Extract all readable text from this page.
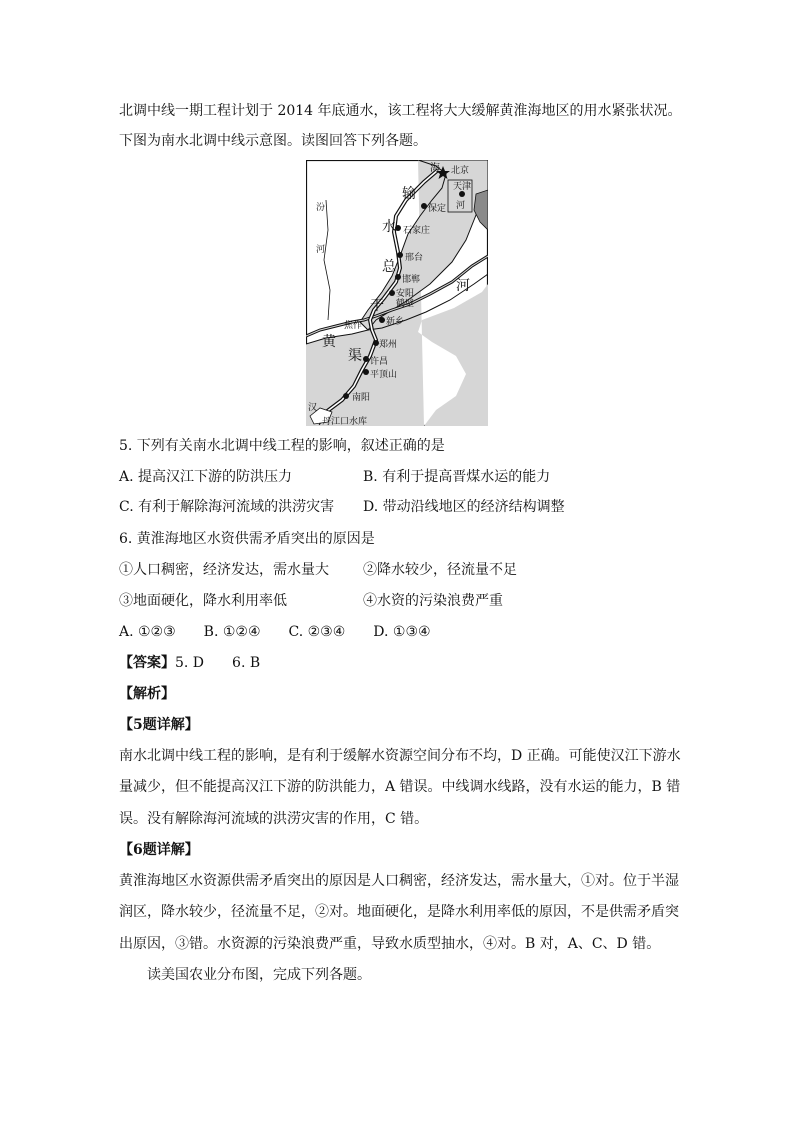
北调中线一期工程计划于 2014 年底通水，该工程将大大缓解黄淮海地区的用水紧张状况。
下图为南水北调中线示意图。读图回答下列各题。
海 北京
天津
河
输
保定
汾
河
水 石家庄
邢台
总
邯郸
安阳
鹤壁
干
河
焦作	新乡
黄	郑州
渠 许昌
平顶山
南阳
丹江口水库
汉
5. 下列有关南水北调中线工程的影响，叙述正确的是
A. 提高汉江下游的防洪压力	B. 有利于提高晋煤水运的能力
C. 有利于解除海河流域的洪涝灾害 D. 带动沿线地区的经济结构调整
6. 黄淮海地区水资供需矛盾突出的原因是
①人口稠密，经济发达，需水量大 ②降水较少，径流量不足
③地面硬化，降水利用率低	④水资的污染浪费严重
A. ①②③　　B. ①②④　　C. ②③④　　D. ①③④
【答案】5. D　　6. B
【解析】
【5题详解】
南水北调中线工程的影响，是有利于缓解水资源空间分布不均，D 正确。可能使汉江下游水
量减少，但不能提高汉江下游的防洪能力，A 错误。中线调水线路，没有水运的能力，B 错
误。没有解除海河流域的洪涝灾害的作用，C 错。
【6题详解】
黄淮海地区水资源供需矛盾突出的原因是人口稠密，经济发达，需水量大，①对。位于半湿
润区，降水较少，径流量不足，②对。地面硬化，是降水利用率低的原因，不是供需矛盾突
出原因，③错。水资源的污染浪费严重，导致水质型抽水，④对。B 对，A、C、D 错。
读美国农业分布图，完成下列各题。
